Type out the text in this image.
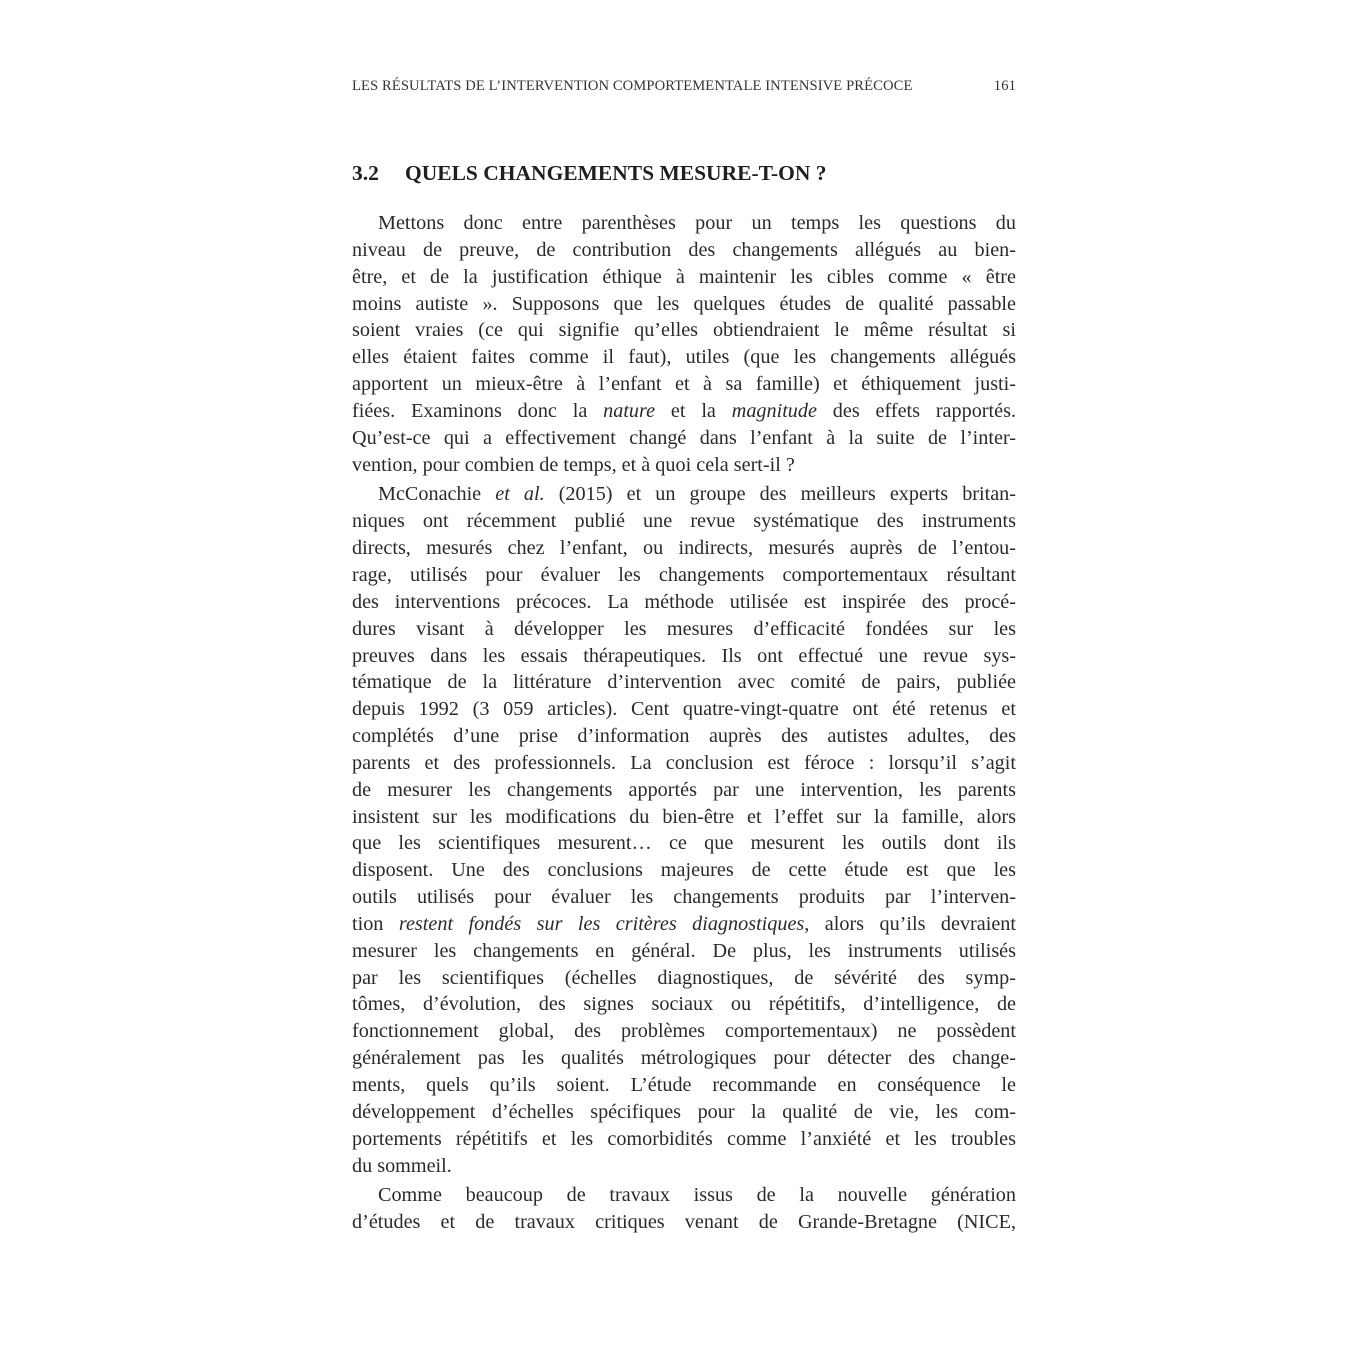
LES RÉSULTATS DE L’INTERVENTION COMPORTEMENTALE INTENSIVE PRÉCOCE	161
3.2	QUELS CHANGEMENTS MESURE-T-ON ?
Mettons donc entre parenthèses pour un temps les questions du
niveau de preuve, de contribution des changements allégués au bien-
être, et de la justification éthique à maintenir les cibles comme « être
moins autiste ». Supposons que les quelques études de qualité passable
soient vraies (ce qui signifie qu’elles obtiendraient le même résultat si
elles étaient faites comme il faut), utiles (que les changements allégués
apportent un mieux-être à l’enfant et à sa famille) et éthiquement justi-
fiées. Examinons donc la nature et la magnitude des effets rapportés.
Qu’est-ce qui a effectivement changé dans l’enfant à la suite de l’inter-
vention, pour combien de temps, et à quoi cela sert-il ?
McConachie et al. (2015) et un groupe des meilleurs experts britan-
niques ont récemment publié une revue systématique des instruments
directs, mesurés chez l’enfant, ou indirects, mesurés auprès de l’entou-
rage, utilisés pour évaluer les changements comportementaux résultant
des interventions précoces. La méthode utilisée est inspirée des procé-
dures visant à développer les mesures d’efficacité fondées sur les
preuves dans les essais thérapeutiques. Ils ont effectué une revue sys-
tématique de la littérature d’intervention avec comité de pairs, publiée
depuis 1992 (3 059 articles). Cent quatre-vingt-quatre ont été retenus et
complétés d’une prise d’information auprès des autistes adultes, des
parents et des professionnels. La conclusion est féroce : lorsqu’il s’agit
de mesurer les changements apportés par une intervention, les parents
insistent sur les modifications du bien-être et l’effet sur la famille, alors
que les scientifiques mesurent… ce que mesurent les outils dont ils
disposent. Une des conclusions majeures de cette étude est que les
outils utilisés pour évaluer les changements produits par l’interven-
tion restent fondés sur les critères diagnostiques, alors qu’ils devraient
mesurer les changements en général. De plus, les instruments utilisés
par les scientifiques (échelles diagnostiques, de sévérité des symp-
tômes, d’évolution, des signes sociaux ou répétitifs, d’intelligence, de
fonctionnement global, des problèmes comportementaux) ne possèdent
généralement pas les qualités métrologiques pour détecter des change-
ments, quels qu’ils soient. L’étude recommande en conséquence le
développement d’échelles spécifiques pour la qualité de vie, les com-
portements répétitifs et les comorbidités comme l’anxiété et les troubles
du sommeil.
Comme beaucoup de travaux issus de la nouvelle génération
d’études et de travaux critiques venant de Grande-Bretagne (NICE,
